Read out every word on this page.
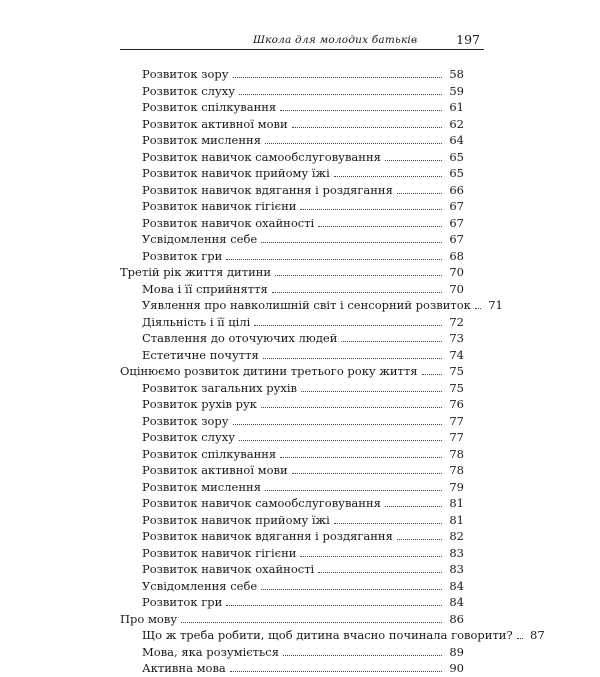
Школа для молодих батьків	197
Розвиток зору	58
Розвиток слуху	59
Розвиток спілкування	61
Розвиток активної мови	62
Розвиток мислення	64
Розвиток навичок самообслуговування	65
Розвиток навичок прийому їжі	65
Розвиток навичок вдягання і роздягання	66
Розвиток навичок гігієни	67
Розвиток навичок охайності	67
Усвідомлення себе	67
Розвиток гри	68
Третій рік життя дитини	70
Мова і її сприйняття	70
Уявлення про навколишній світ і сенсорний розвиток 71
Діяльність і її цілі	72
Ставлення до оточуючих людей	73
Естетичне почуття	74
Оцінюємо розвиток дитини третього року життя	75
Розвиток загальних рухів	75
Розвиток рухів рук	76
Розвиток зору	77
Розвиток слуху	77
Розвиток спілкування	78
Розвиток активної мови	78
Розвиток мислення	79
Розвиток навичок самообслуговування	81
Розвиток навичок прийому їжі	81
Розвиток навичок вдягання і роздягання	82
Розвиток навичок гігієни	83
Розвиток навичок охайності	83
Усвідомлення себе	84
Розвиток гри	84
Про мову	86
Що ж треба робити, щоб дитина вчасно починала говорити? 87
Мова, яка розуміється	89
Активна мова	90
